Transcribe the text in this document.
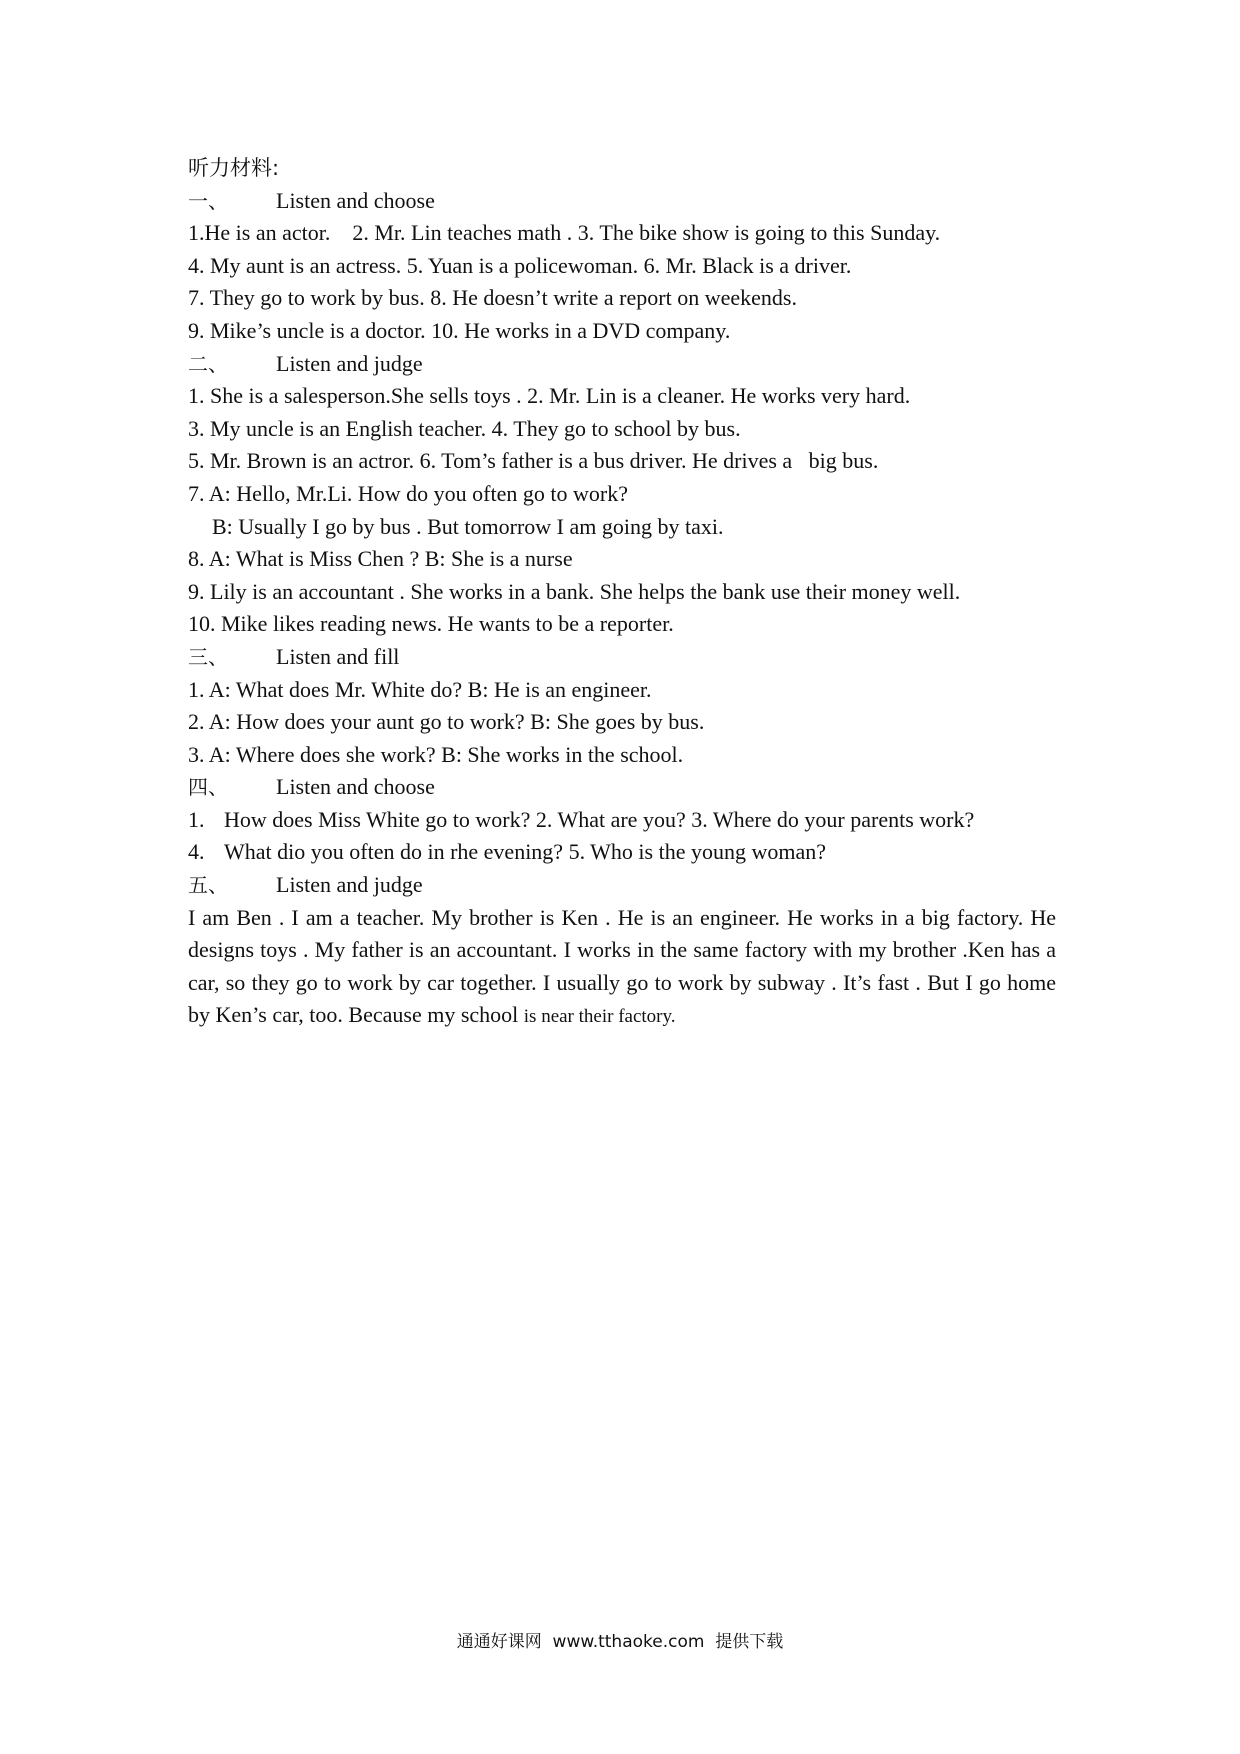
听力材料:
一、	Listen and choose
1.He is an actor.    2. Mr. Lin teaches math . 3. The bike show is going to this Sunday.
4. My aunt is an actress. 5. Yuan is a policewoman. 6. Mr. Black is a driver.
7. They go to work by bus. 8. He doesn’t write a report on weekends.
9. Mike’s uncle is a doctor. 10. He works in a DVD company.
二、	Listen and judge
1. She is a salesperson.She sells toys . 2. Mr. Lin is a cleaner. He works very hard.
3. My uncle is an English teacher. 4. They go to school by bus.
5. Mr. Brown is an actror. 6. Tom’s father is a bus driver. He drives a   big bus.
7. A: Hello, Mr.Li. How do you often go to work?
B: Usually I go by bus . But tomorrow I am going by taxi.
8. A: What is Miss Chen ? B: She is a nurse
9. Lily is an accountant . She works in a bank. She helps the bank use their money well.
10. Mike likes reading news. He wants to be a reporter.
三、	Listen and fill
1. A: What does Mr. White do? B: He is an engineer.
2. A: How does your aunt go to work? B: She goes by bus.
3. A: Where does she work? B: She works in the school.
四、	Listen and choose
1. How does Miss White go to work? 2. What are you? 3. Where do your parents work?
4. What dio you often do in rhe evening? 5. Who is the young woman?
五、	Listen and judge
I am Ben . I am a teacher. My brother is Ken . He is an engineer. He works in a big factory. He designs toys . My father is an accountant. I works in the same factory with my brother .Ken has a car, so they go to work by car together. I usually go to work by subway . It’s fast . But I go home by Ken’s car, too. Because my school is near their factory.
通通好课网  www.tthaoke.com  提供下载
